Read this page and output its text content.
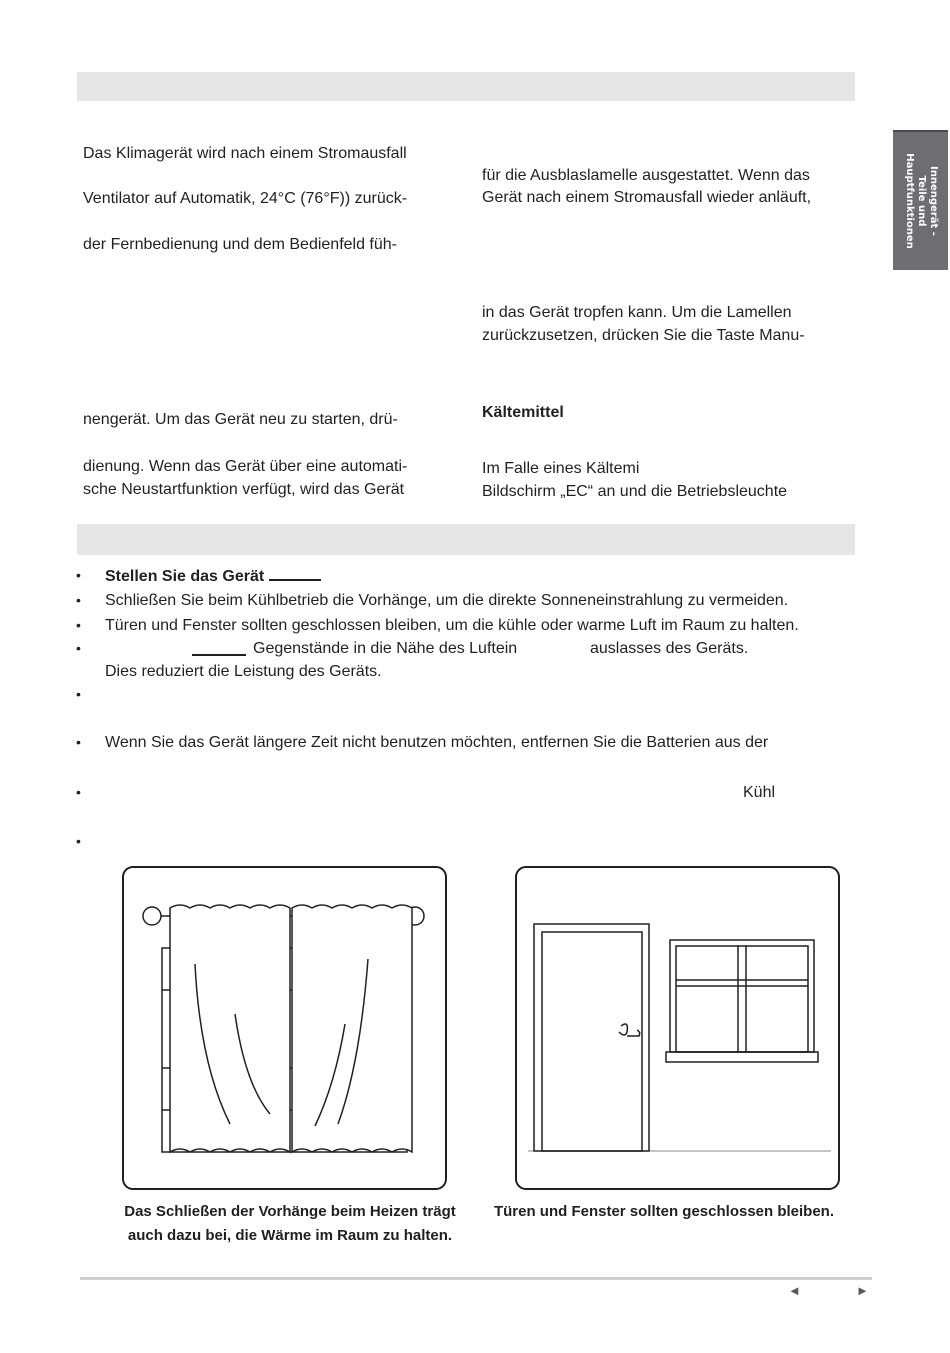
Innengerät -
Teile und
Hauptfunktionen
Das Klimagerät wird nach einem Stromausfall
Ventilator auf Automatik, 24°C (76°F)) zurück-
der Fernbedienung und dem Bedienfeld füh-
nengerät. Um das Gerät neu zu starten, drü-
dienung. Wenn das Gerät über eine automati-
sche Neustartfunktion verfügt, wird das Gerät
für die Ausblaslamelle ausgestattet. Wenn das
Gerät nach einem Stromausfall wieder anläuft,
in das Gerät tropfen kann. Um die Lamellen
zurückzusetzen, drücken Sie die Taste Manu-
Kältemittel
Im Falle eines Kältemi
Bildschirm „EC“ an und die Betriebsleuchte
• Stellen Sie das Gerät
• Schließen Sie beim Kühlbetrieb die Vorhänge, um die direkte Sonneneinstrahlung zu vermeiden.
• Türen und Fenster sollten geschlossen bleiben, um die kühle oder warme Luft im Raum zu halten.
•	Gegenstände in die Nähe des Luftein	auslasses des Geräts.
Dies reduziert die Leistung des Geräts.
•
• Wenn Sie das Gerät längere Zeit nicht benutzen möchten, entfernen Sie die Batterien aus der
•	Kühl
•
Das Schließen der Vorhänge beim Heizen trägt
auch dazu bei, die Wärme im Raum zu halten.
Türen und Fenster sollten geschlossen bleiben.
◄	►
